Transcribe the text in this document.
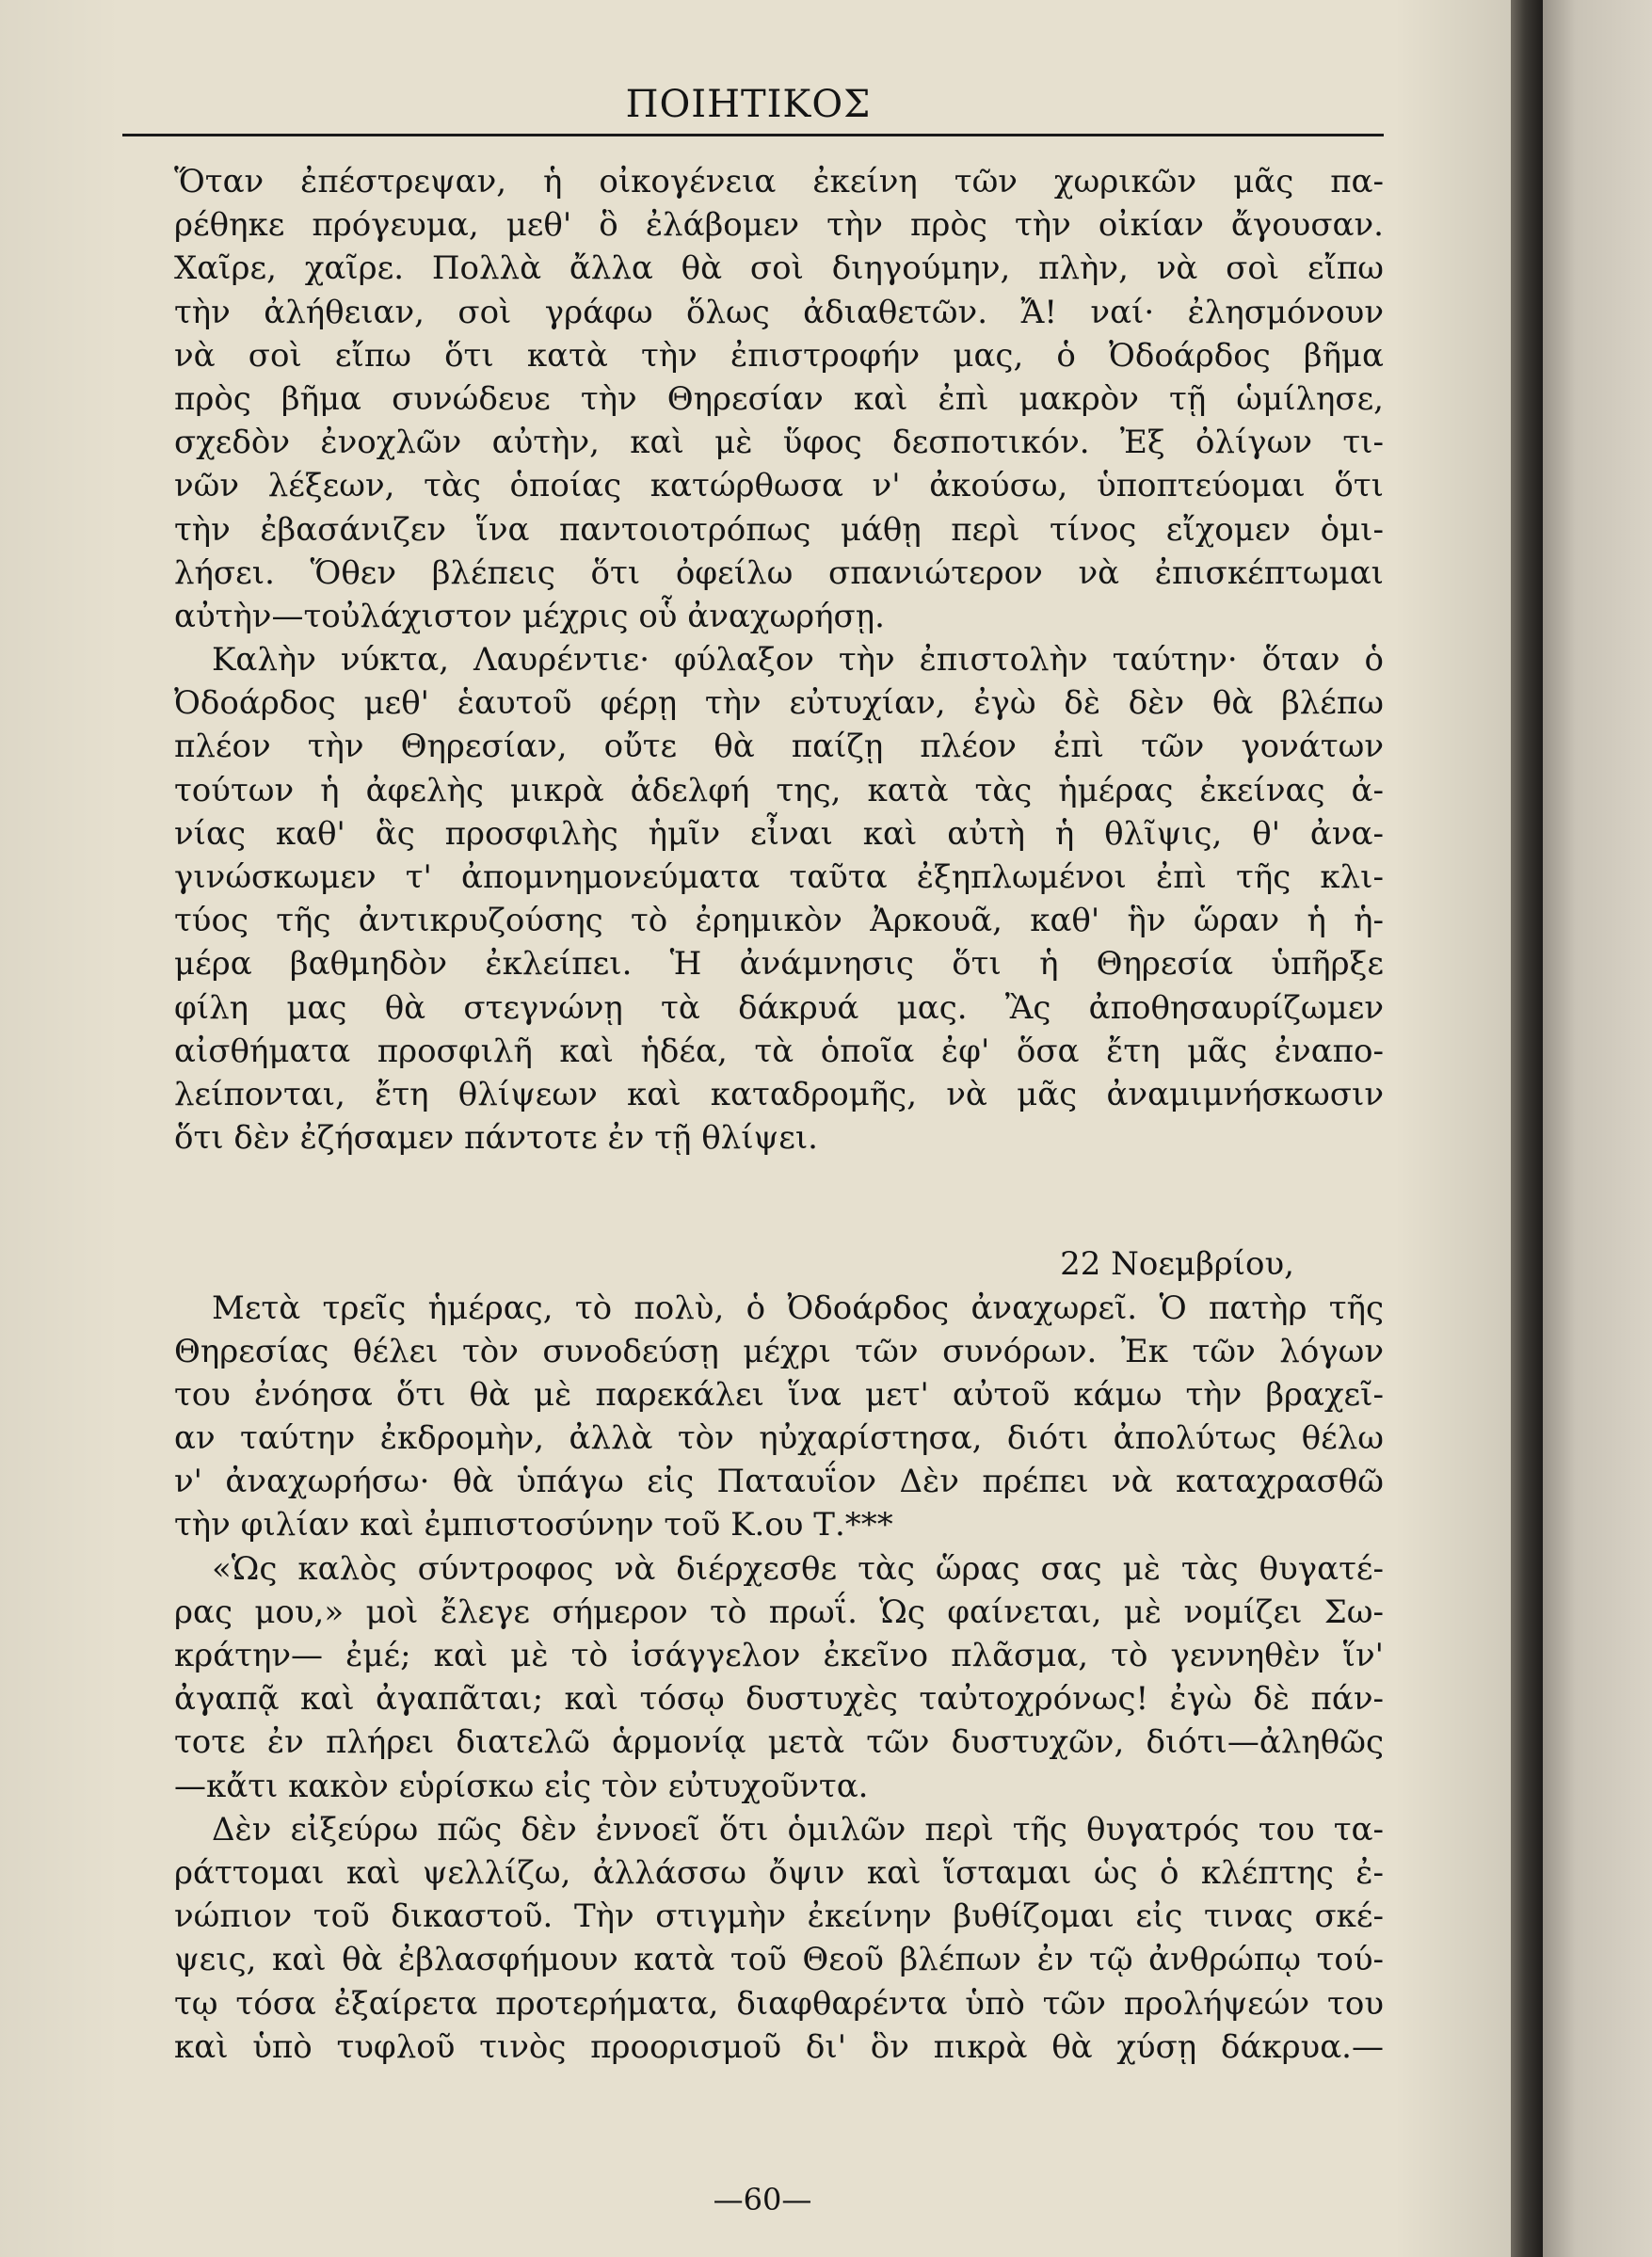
ΠΟΙΗΤΙΚΟΣ
Ὅταν ἐπέστρεψαν, ἡ οἰκογένεια ἐκείνη τῶν χωρικῶν μᾶς πα-
ρέθηκε πρόγευμα, μεθ' ὃ ἐλάβομεν τὴν πρὸς τὴν οἰκίαν ἄγουσαν.
Χαῖρε, χαῖρε. Πολλὰ ἄλλα θὰ σοὶ διηγούμην, πλὴν, νὰ σοὶ εἴπω
τὴν ἀλήθειαν, σοὶ γράφω ὅλως ἀδιαθετῶν. Ἄ! ναί· ἐλησμόνουν
νὰ σοὶ εἴπω ὅτι κατὰ τὴν ἐπιστροφήν μας, ὁ Ὀδοάρδος βῆμα
πρὸς βῆμα συνώδευε τὴν Θηρεσίαν καὶ ἐπὶ μακρὸν τῇ ὡμίλησε,
σχεδὸν ἐνοχλῶν αὐτὴν, καὶ μὲ ὕφος δεσποτικόν. Ἐξ ὀλίγων τι-
νῶν λέξεων, τὰς ὁποίας κατώρθωσα ν' ἀκούσω, ὑποπτεύομαι ὅτι
τὴν ἐβασάνιζεν ἵνα παντοιοτρόπως μάθῃ περὶ τίνος εἴχομεν ὁμι-
λήσει. Ὅθεν βλέπεις ὅτι ὀφείλω σπανιώτερον νὰ ἐπισκέπτωμαι
αὐτὴν—τοὐλάχιστον μέχρις οὗ ἀναχωρήσῃ.
Καλὴν νύκτα, Λαυρέντιε· φύλαξον τὴν ἐπιστολὴν ταύτην· ὅταν ὁ
Ὀδοάρδος μεθ' ἑαυτοῦ φέρῃ τὴν εὐτυχίαν, ἐγὼ δὲ δὲν θὰ βλέπω
πλέον τὴν Θηρεσίαν, οὔτε θὰ παίζῃ πλέον ἐπὶ τῶν γονάτων
τούτων ἡ ἀφελὴς μικρὰ ἀδελφή της, κατὰ τὰς ἡμέρας ἐκείνας ἀ-
νίας καθ' ἃς προσφιλὴς ἡμῖν εἶναι καὶ αὐτὴ ἡ θλῖψις, θ' ἀνα-
γινώσκωμεν τ' ἀπομνημονεύματα ταῦτα ἐξηπλωμένοι ἐπὶ τῆς κλι-
τύος τῆς ἀντικρυζούσης τὸ ἐρημικὸν Ἀρκουᾶ, καθ' ἣν ὥραν ἡ ἡ-
μέρα βαθμηδὸν ἐκλείπει. Ἡ ἀνάμνησις ὅτι ἡ Θηρεσία ὑπῆρξε
φίλη μας θὰ στεγνώνῃ τὰ δάκρυά μας. Ἂς ἀποθησαυρίζωμεν
αἰσθήματα προσφιλῆ καὶ ἡδέα, τὰ ὁποῖα ἐφ' ὅσα ἔτη μᾶς ἐναπο-
λείπονται, ἔτη θλίψεων καὶ καταδρομῆς, νὰ μᾶς ἀναμιμνήσκωσιν
ὅτι δὲν ἐζήσαμεν πάντοτε ἐν τῇ θλίψει.
22 Νοεμβρίου,
Μετὰ τρεῖς ἡμέρας, τὸ πολὺ, ὁ Ὀδοάρδος ἀναχωρεῖ. Ὁ πατὴρ τῆς
Θηρεσίας θέλει τὸν συνοδεύσῃ μέχρι τῶν συνόρων. Ἐκ τῶν λόγων
του ἐνόησα ὅτι θὰ μὲ παρεκάλει ἵνα μετ' αὐτοῦ κάμω τὴν βραχεῖ-
αν ταύτην ἐκδρομὴν, ἀλλὰ τὸν ηὐχαρίστησα, διότι ἀπολύτως θέλω
ν' ἀναχωρήσω· θὰ ὑπάγω εἰς Παταυΐον Δὲν πρέπει νὰ καταχρασθῶ
τὴν φιλίαν καὶ ἐμπιστοσύνην τοῦ Κ.ου Τ.***
«Ὡς καλὸς σύντροφος νὰ διέρχεσθε τὰς ὥρας σας μὲ τὰς θυγατέ-
ρας μου,» μοὶ ἔλεγε σήμερον τὸ πρωΐ. Ὡς φαίνεται, μὲ νομίζει Σω-
κράτην— ἐμέ; καὶ μὲ τὸ ἰσάγγελον ἐκεῖνο πλᾶσμα, τὸ γεννηθὲν ἵν'
ἀγαπᾷ καὶ ἀγαπᾶται; καὶ τόσῳ δυστυχὲς ταὐτοχρόνως! ἐγὼ δὲ πάν-
τοτε ἐν πλήρει διατελῶ ἁρμονίᾳ μετὰ τῶν δυστυχῶν, διότι—ἀληθῶς
—κἄτι κακὸν εὑρίσκω εἰς τὸν εὐτυχοῦντα.
Δὲν εἰξεύρω πῶς δὲν ἐννοεῖ ὅτι ὁμιλῶν περὶ τῆς θυγατρός του τα-
ράττομαι καὶ ψελλίζω, ἀλλάσσω ὄψιν καὶ ἵσταμαι ὡς ὁ κλέπτης ἐ-
νώπιον τοῦ δικαστοῦ. Τὴν στιγμὴν ἐκείνην βυθίζομαι εἰς τινας σκέ-
ψεις, καὶ θὰ ἐβλασφήμουν κατὰ τοῦ Θεοῦ βλέπων ἐν τῷ ἀνθρώπῳ τού-
τῳ τόσα ἐξαίρετα προτερήματα, διαφθαρέντα ὑπὸ τῶν προλήψεών του
καὶ ὑπὸ τυφλοῦ τινὸς προορισμοῦ δι' ὃν πικρὰ θὰ χύσῃ δάκρυα.—
—60—
